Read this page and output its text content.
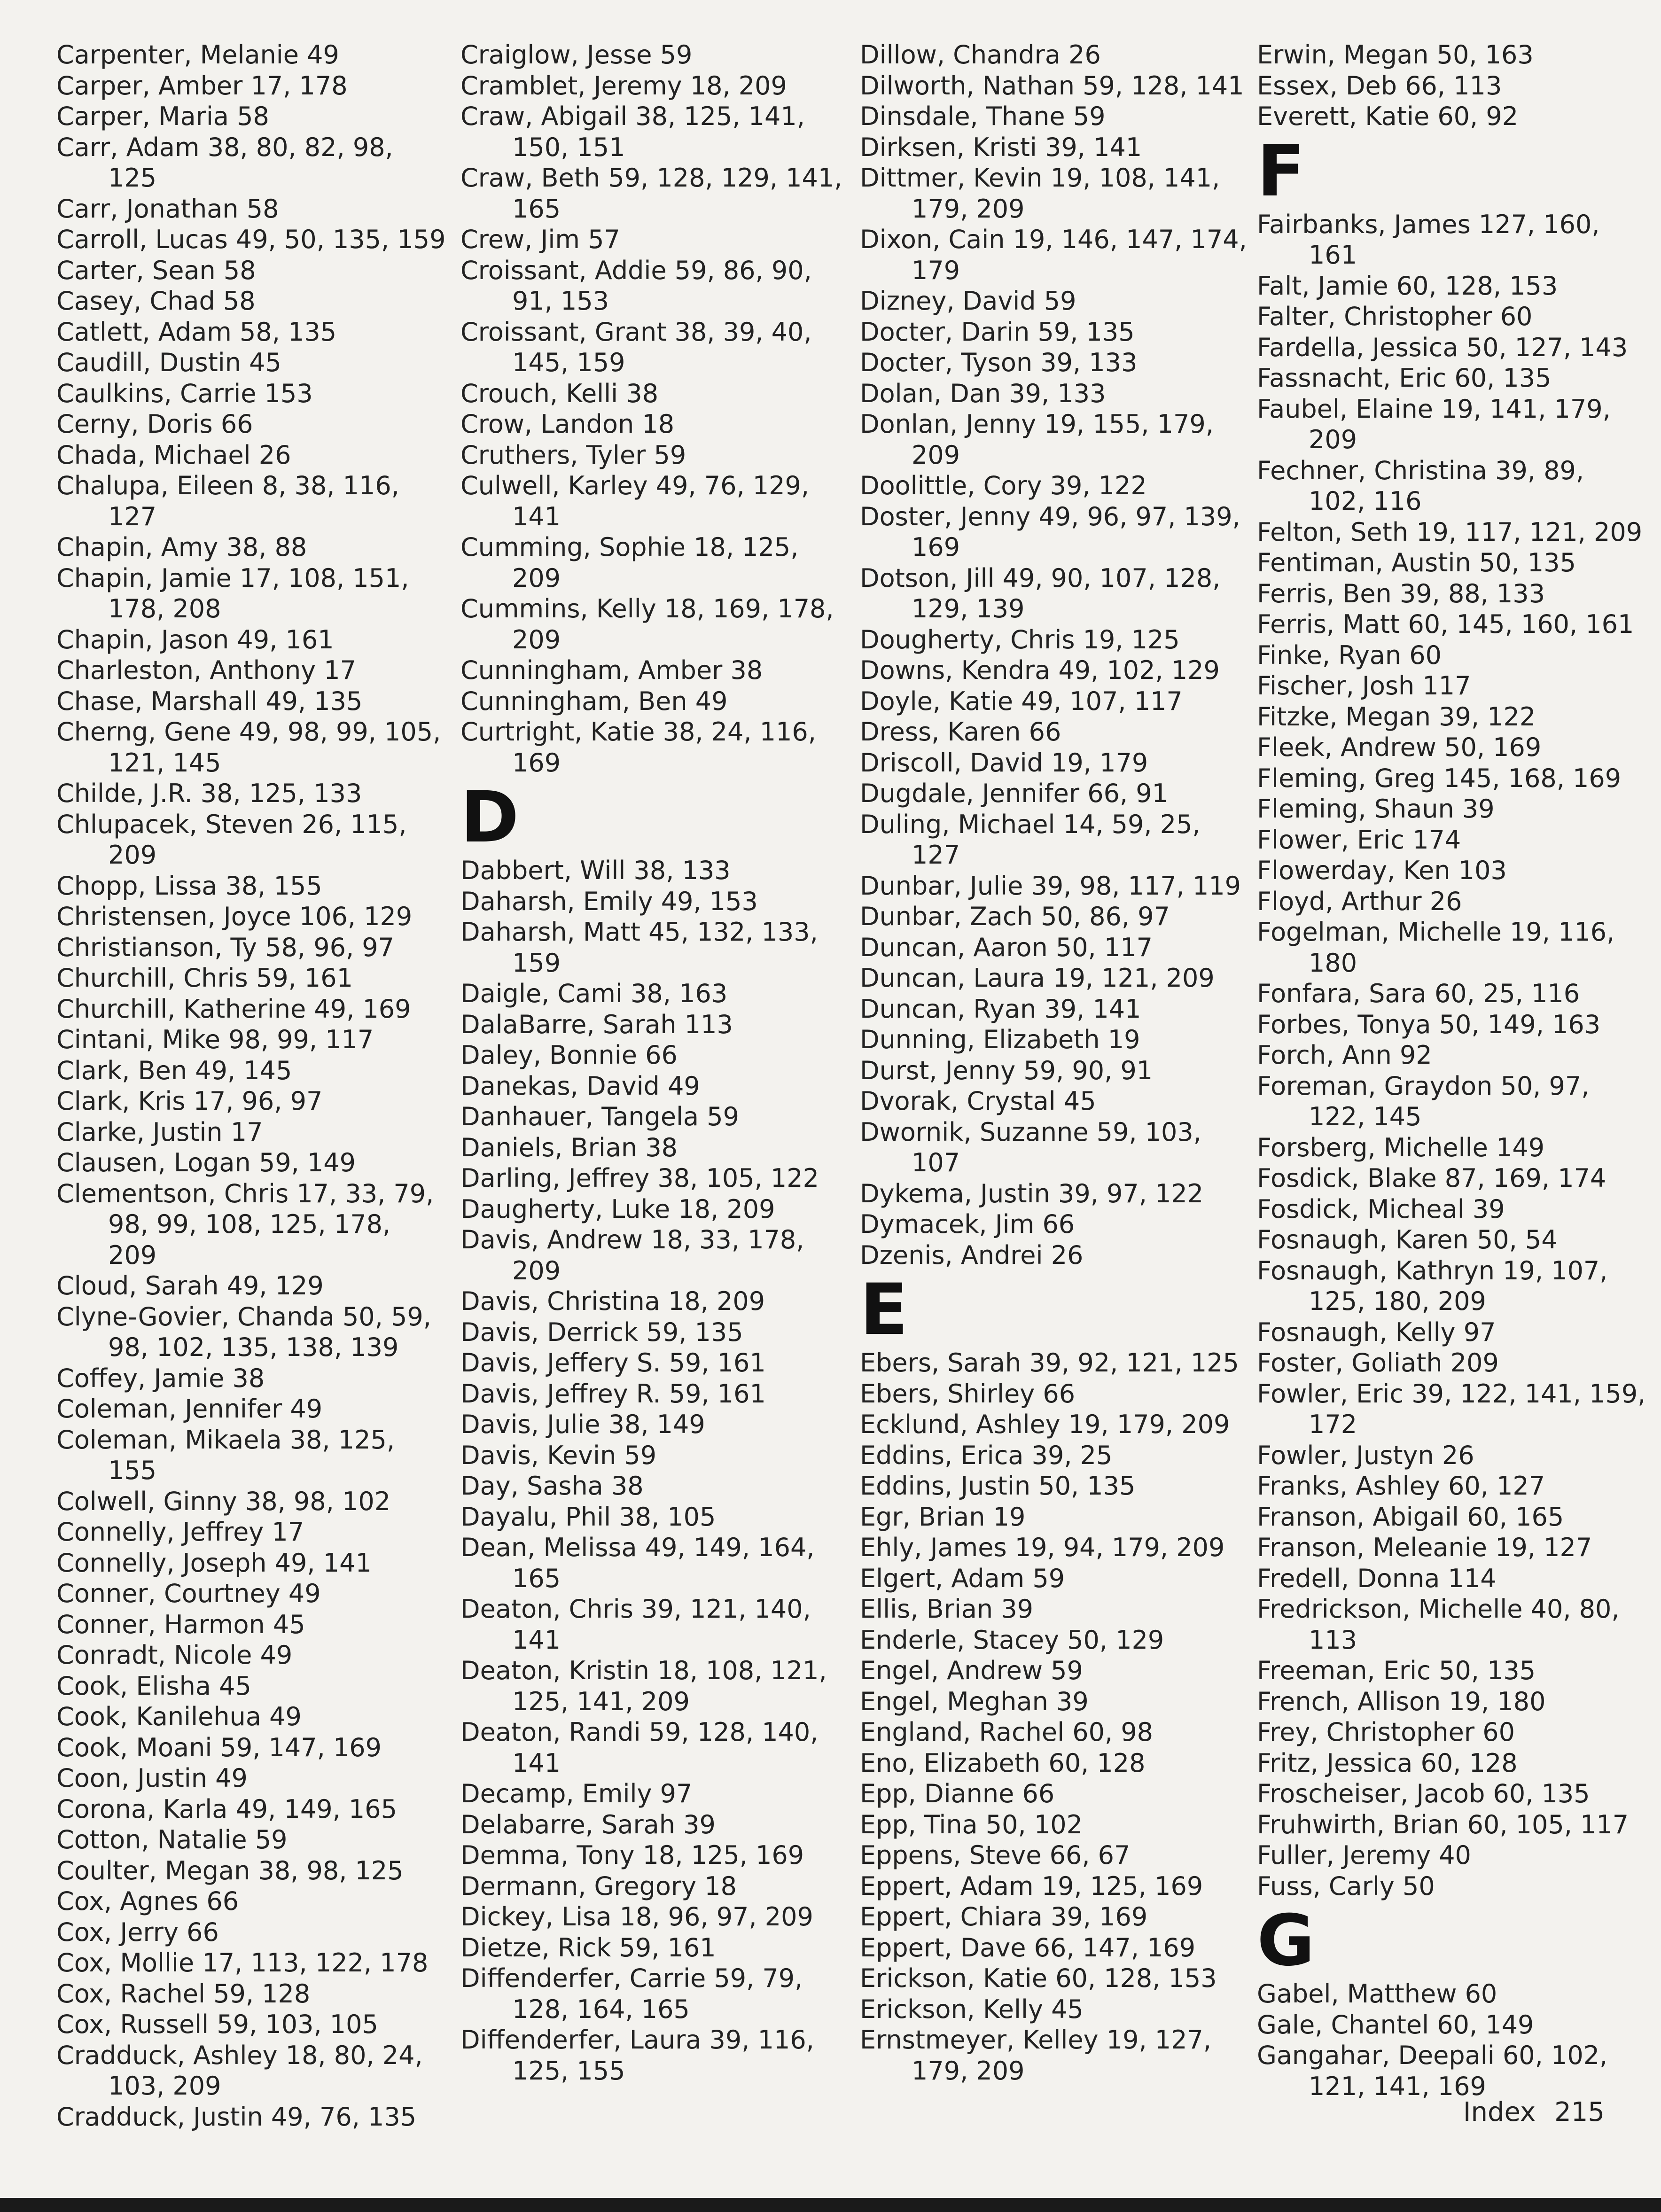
Carpenter, Melanie 49
Carper, Amber 17, 178
Carper, Maria 58
Carr, Adam 38, 80, 82, 98, 125
Carr, Jonathan 58
Carroll, Lucas 49, 50, 135, 159
Carter, Sean 58
Casey, Chad 58
Catlett, Adam 58, 135
Caudill, Dustin 45
Caulkins, Carrie 153
Cerny, Doris 66
Chada, Michael 26
Chalupa, Eileen 8, 38, 116, 127
Chapin, Amy 38, 88
Chapin, Jamie 17, 108, 151, 178, 208
Chapin, Jason 49, 161
Charleston, Anthony 17
Chase, Marshall 49, 135
Cherng, Gene 49, 98, 99, 105, 121, 145
Childe, J.R. 38, 125, 133
Chlupacek, Steven 26, 115, 209
Chopp, Lissa 38, 155
Christensen, Joyce 106, 129
Christianson, Ty 58, 96, 97
Churchill, Chris 59, 161
Churchill, Katherine 49, 169
Cintani, Mike 98, 99, 117
Clark, Ben 49, 145
Clark, Kris 17, 96, 97
Clarke, Justin 17
Clausen, Logan 59, 149
Clementson, Chris 17, 33, 79, 98, 99, 108, 125, 178, 209
Cloud, Sarah 49, 129
Clyne-Govier, Chanda 50, 59, 98, 102, 135, 138, 139
Coffey, Jamie 38
Coleman, Jennifer 49
Coleman, Mikaela 38, 125, 155
Colwell, Ginny 38, 98, 102
Connelly, Jeffrey 17
Connelly, Joseph 49, 141
Conner, Courtney 49
Conner, Harmon 45
Conradt, Nicole 49
Cook, Elisha 45
Cook, Kanilehua 49
Cook, Moani 59, 147, 169
Coon, Justin 49
Corona, Karla 49, 149, 165
Cotton, Natalie 59
Coulter, Megan 38, 98, 125
Cox, Agnes 66
Cox, Jerry 66
Cox, Mollie 17, 113, 122, 178
Cox, Rachel 59, 128
Cox, Russell 59, 103, 105
Cradduck, Ashley 18, 80, 24, 103, 209
Cradduck, Justin 49, 76, 135
Craiglow, Jesse 59
Cramblet, Jeremy 18, 209
Craw, Abigail 38, 125, 141, 150, 151
Craw, Beth 59, 128, 129, 141, 165
Crew, Jim 57
Croissant, Addie 59, 86, 90, 91, 153
Croissant, Grant 38, 39, 40, 145, 159
Crouch, Kelli 38
Crow, Landon 18
Cruthers, Tyler 59
Culwell, Karley 49, 76, 129, 141
Cumming, Sophie 18, 125, 209
Cummins, Kelly 18, 169, 178, 209
Cunningham, Amber 38
Cunningham, Ben 49
Curtright, Katie 38, 24, 116, 169
D
Dabbert, Will 38, 133
Daharsh, Emily 49, 153
Daharsh, Matt 45, 132, 133, 159
Daigle, Cami 38, 163
DalaBarre, Sarah 113
Daley, Bonnie 66
Danekas, David 49
Danhauer, Tangela 59
Daniels, Brian 38
Darling, Jeffrey 38, 105, 122
Daugherty, Luke 18, 209
Davis, Andrew 18, 33, 178, 209
Davis, Christina 18, 209
Davis, Derrick 59, 135
Davis, Jeffery S. 59, 161
Davis, Jeffrey R. 59, 161
Davis, Julie 38, 149
Davis, Kevin 59
Day, Sasha 38
Dayalu, Phil 38, 105
Dean, Melissa 49, 149, 164, 165
Deaton, Chris 39, 121, 140, 141
Deaton, Kristin 18, 108, 121, 125, 141, 209
Deaton, Randi 59, 128, 140, 141
Decamp, Emily 97
Delabarre, Sarah 39
Demma, Tony 18, 125, 169
Dermann, Gregory 18
Dickey, Lisa 18, 96, 97, 209
Dietze, Rick 59, 161
Diffenderfer, Carrie 59, 79, 128, 164, 165
Diffenderfer, Laura 39, 116, 125, 155
Dillow, Chandra 26
Dilworth, Nathan 59, 128, 141
Dinsdale, Thane 59
Dirksen, Kristi 39, 141
Dittmer, Kevin 19, 108, 141, 179, 209
Dixon, Cain 19, 146, 147, 174, 179
Dizney, David 59
Docter, Darin 59, 135
Docter, Tyson 39, 133
Dolan, Dan 39, 133
Donlan, Jenny 19, 155, 179, 209
Doolittle, Cory 39, 122
Doster, Jenny 49, 96, 97, 139, 169
Dotson, Jill 49, 90, 107, 128, 129, 139
Dougherty, Chris 19, 125
Downs, Kendra 49, 102, 129
Doyle, Katie 49, 107, 117
Dress, Karen 66
Driscoll, David 19, 179
Dugdale, Jennifer 66, 91
Duling, Michael 14, 59, 25, 127
Dunbar, Julie 39, 98, 117, 119
Dunbar, Zach 50, 86, 97
Duncan, Aaron 50, 117
Duncan, Laura 19, 121, 209
Duncan, Ryan 39, 141
Dunning, Elizabeth 19
Durst, Jenny 59, 90, 91
Dvorak, Crystal 45
Dwornik, Suzanne 59, 103, 107
Dykema, Justin 39, 97, 122
Dymacek, Jim 66
Dzenis, Andrei 26
E
Ebers, Sarah 39, 92, 121, 125
Ebers, Shirley 66
Ecklund, Ashley 19, 179, 209
Eddins, Erica 39, 25
Eddins, Justin 50, 135
Egr, Brian 19
Ehly, James 19, 94, 179, 209
Elgert, Adam 59
Ellis, Brian 39
Enderle, Stacey 50, 129
Engel, Andrew 59
Engel, Meghan 39
England, Rachel 60, 98
Eno, Elizabeth 60, 128
Epp, Dianne 66
Epp, Tina 50, 102
Eppens, Steve 66, 67
Eppert, Adam 19, 125, 169
Eppert, Chiara 39, 169
Eppert, Dave 66, 147, 169
Erickson, Katie 60, 128, 153
Erickson, Kelly 45
Ernstmeyer, Kelley 19, 127, 179, 209
Erwin, Megan 50, 163
Essex, Deb 66, 113
Everett, Katie 60, 92
F
Fairbanks, James 127, 160, 161
Falt, Jamie 60, 128, 153
Falter, Christopher 60
Fardella, Jessica 50, 127, 143
Fassnacht, Eric 60, 135
Faubel, Elaine 19, 141, 179, 209
Fechner, Christina 39, 89, 102, 116
Felton, Seth 19, 117, 121, 209
Fentiman, Austin 50, 135
Ferris, Ben 39, 88, 133
Ferris, Matt 60, 145, 160, 161
Finke, Ryan 60
Fischer, Josh 117
Fitzke, Megan 39, 122
Fleek, Andrew 50, 169
Fleming, Greg 145, 168, 169
Fleming, Shaun 39
Flower, Eric 174
Flowerday, Ken 103
Floyd, Arthur 26
Fogelman, Michelle 19, 116, 180
Fonfara, Sara 60, 25, 116
Forbes, Tonya 50, 149, 163
Forch, Ann 92
Foreman, Graydon 50, 97, 122, 145
Forsberg, Michelle 149
Fosdick, Blake 87, 169, 174
Fosdick, Micheal 39
Fosnaugh, Karen 50, 54
Fosnaugh, Kathryn 19, 107, 125, 180, 209
Fosnaugh, Kelly 97
Foster, Goliath 209
Fowler, Eric 39, 122, 141, 159, 172
Fowler, Justyn 26
Franks, Ashley 60, 127
Franson, Abigail 60, 165
Franson, Meleanie 19, 127
Fredell, Donna 114
Fredrickson, Michelle 40, 80, 113
Freeman, Eric 50, 135
French, Allison 19, 180
Frey, Christopher 60
Fritz, Jessica 60, 128
Froscheiser, Jacob 60, 135
Fruhwirth, Brian 60, 105, 117
Fuller, Jeremy 40
Fuss, Carly 50
G
Gabel, Matthew 60
Gale, Chantel 60, 149
Gangahar, Deepali 60, 102, 121, 141, 169
Index 215
